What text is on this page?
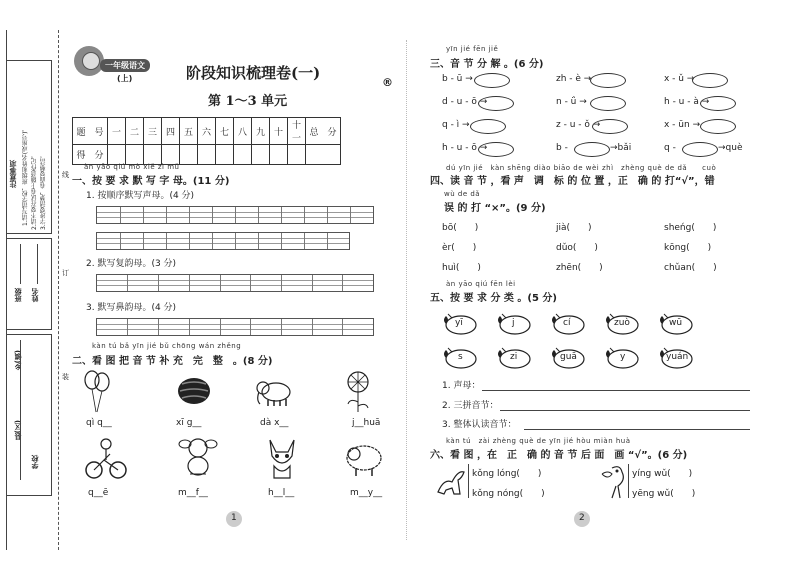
注意事项 1.请写清学校，班级和姓名(或座号)。 2.请不要在试卷上随意作记。 3.字迹要清楚，卷面要整洁。
班级 姓名
县(区)
乡(镇)
学校
线
订
装
一年级语文
(上)	阶段知识梳理卷(一)
®
第 1～3 单元
题　号	一	二	三	四	五	六	七	八	九	十	十一	总　分
得　分												
àn yāo qiú mò xiě zì mǔ
一、按 要 求 默 写 字 母。(11 分)
1. 按顺序默写声母。(4 分)
2. 默写复韵母。(3 分)
3. 默写鼻韵母。(4 分)
kàn tú bǎ yīn jié bǔ chōng wán zhěng
二、看 图 把 音 节 补 充　完　整　。(8 分)
qì q__	xī g__	dà x__	j__huā
q__ē	m__f__	h__l__	m__y__
1
yīn jié fēn jiě
三、音 节 分 解 。(6 分)
b - ū →	zh - è →	x - ǔ →
d - u - ō →	n - ǘ →	h - u - à →
q - ì →	z - u - ǒ →	x - ūn →
h - u - ō →	b -	→bǎi	q -	→què
dú yīn jié　kàn shēng diào biāo de wèi zhì　zhèng què de dǎ　　cuò
四、读 音 节 ，看 声　调　标 的 位 置 ，正　确 的 打“√”，错
wù de dǎ
误 的 打 “×”。(9 分)
bō(　　)	jià(　　)	sheńg(　　)
èr(　　)	dǔo(　　)	kōng(　　)
huì(　　)	zhēn(　　)	chǔan(　　)
àn yāo qiú fēn lèi
五、按 要 求 分 类 。(5 分)
yī	j	cí	zuò	wū
s	zi	guā	y	yuán
1. 声母：
2. 三拼音节：
3. 整体认读音节：
kàn tú　zài zhèng què de yīn jié hòu miàn huà
六、看 图 ，在　正　确 的 音 节 后 面　画 “√”。(6 分)
kǒng lóng(　　)
kǒng nóng(　　)
yíng wǔ(　　)
yēng wǔ(　　)
2
